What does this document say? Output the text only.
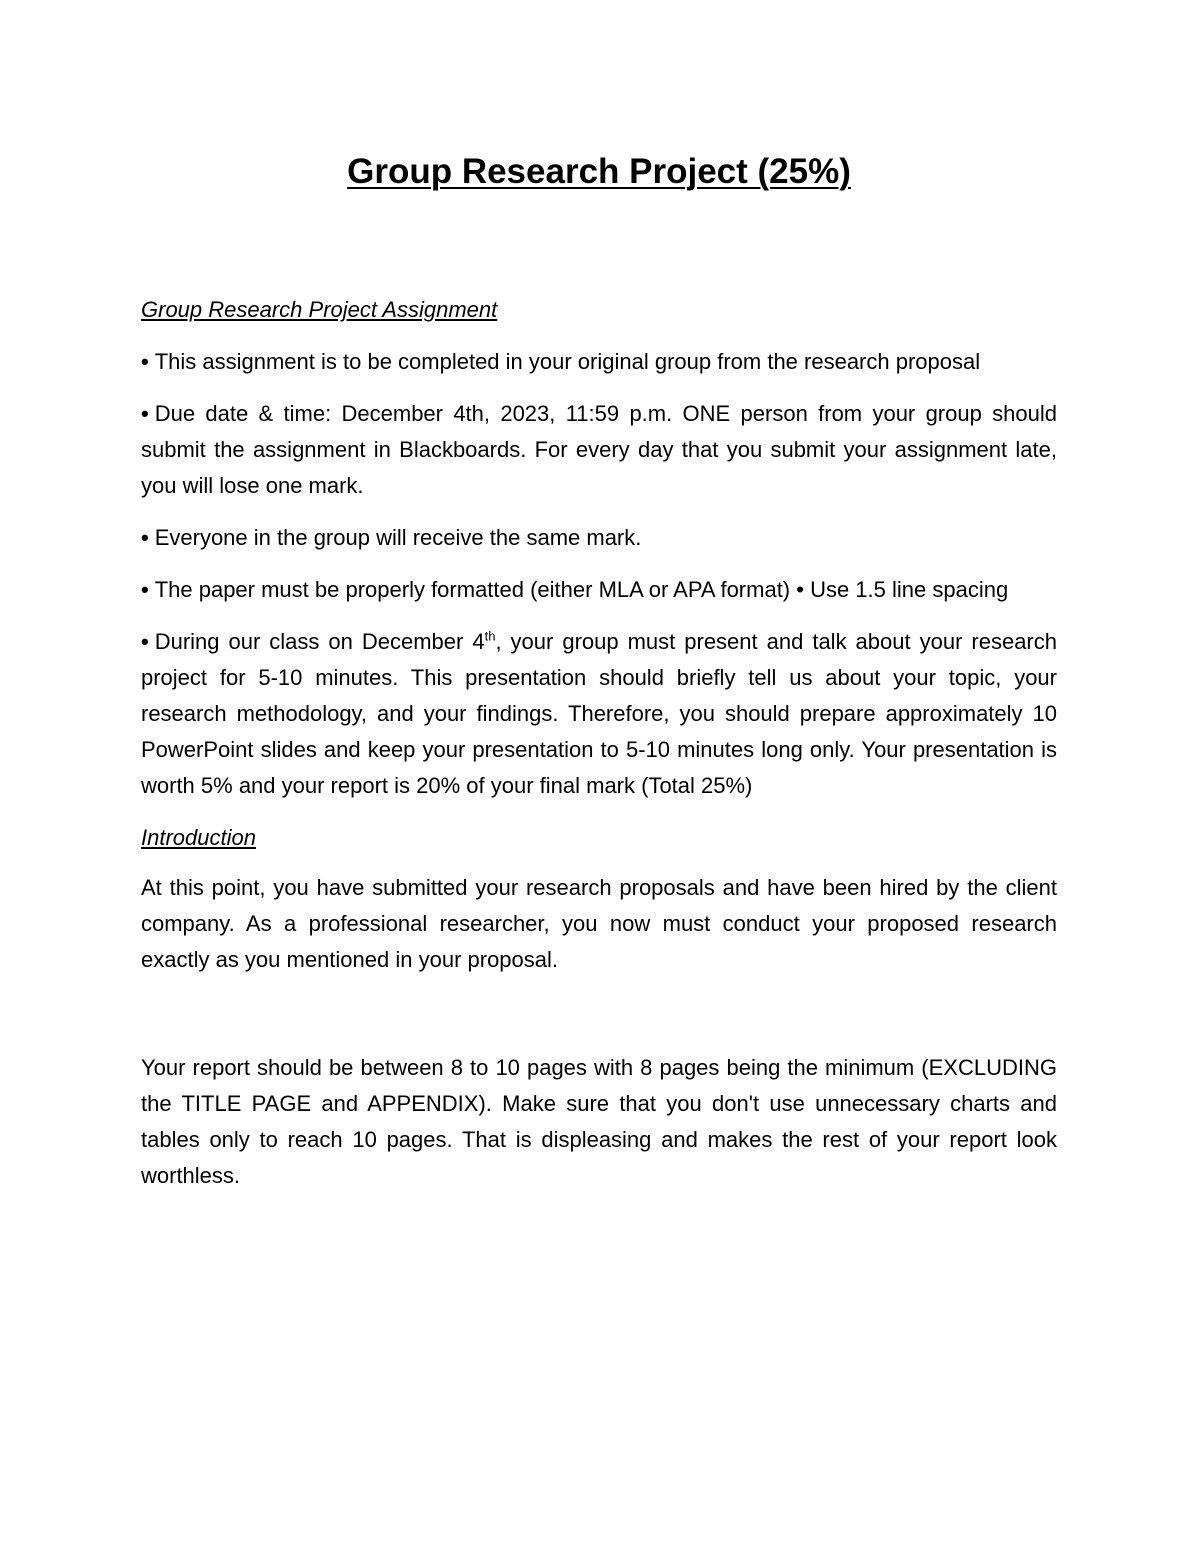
Group Research Project (25%)

Group Research Project Assignment

• This assignment is to be completed in your original group from the research proposal

• Due date & time: December 4th, 2023, 11:59 p.m. ONE person from your group should submit the assignment in Blackboards. For every day that you submit your assignment late, you will lose one mark.

• Everyone in the group will receive the same mark.

• The paper must be properly formatted (either MLA or APA format) • Use 1.5 line spacing

• During our class on December 4th, your group must present and talk about your research project for 5-10 minutes. This presentation should briefly tell us about your topic, your research methodology, and your findings. Therefore, you should prepare approximately 10 PowerPoint slides and keep your presentation to 5-10 minutes long only. Your presentation is worth 5% and your report is 20% of your final mark (Total 25%)

Introduction

At this point, you have submitted your research proposals and have been hired by the client company. As a professional researcher, you now must conduct your proposed research exactly as you mentioned in your proposal.

Your report should be between 8 to 10 pages with 8 pages being the minimum (EXCLUDING the TITLE PAGE and APPENDIX). Make sure that you don't use unnecessary charts and tables only to reach 10 pages. That is displeasing and makes the rest of your report look worthless.
